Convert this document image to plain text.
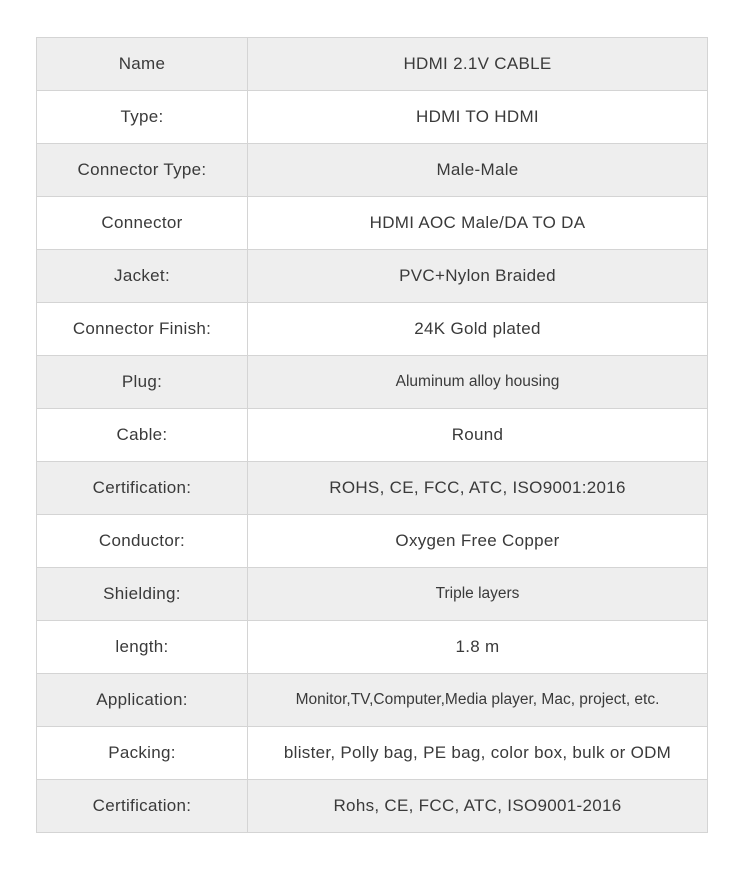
Name	HDMI 2.1V CABLE
Type:	HDMI TO HDMI
Connector Type:	Male-Male
Connector	HDMI AOC Male/DA TO DA
Jacket:	PVC+Nylon Braided
Connector Finish:	24K Gold plated
Plug:	Aluminum alloy housing
Cable:	Round
Certification:	ROHS, CE, FCC, ATC, ISO9001:2016
Conductor:	Oxygen Free Copper
Shielding:	Triple layers
length:	1.8 m
Application:	Monitor,TV,Computer,Media player, Mac, project, etc.
Packing:	blister, Polly bag, PE bag, color box, bulk or ODM
Certification:	Rohs, CE, FCC, ATC, ISO9001-2016
